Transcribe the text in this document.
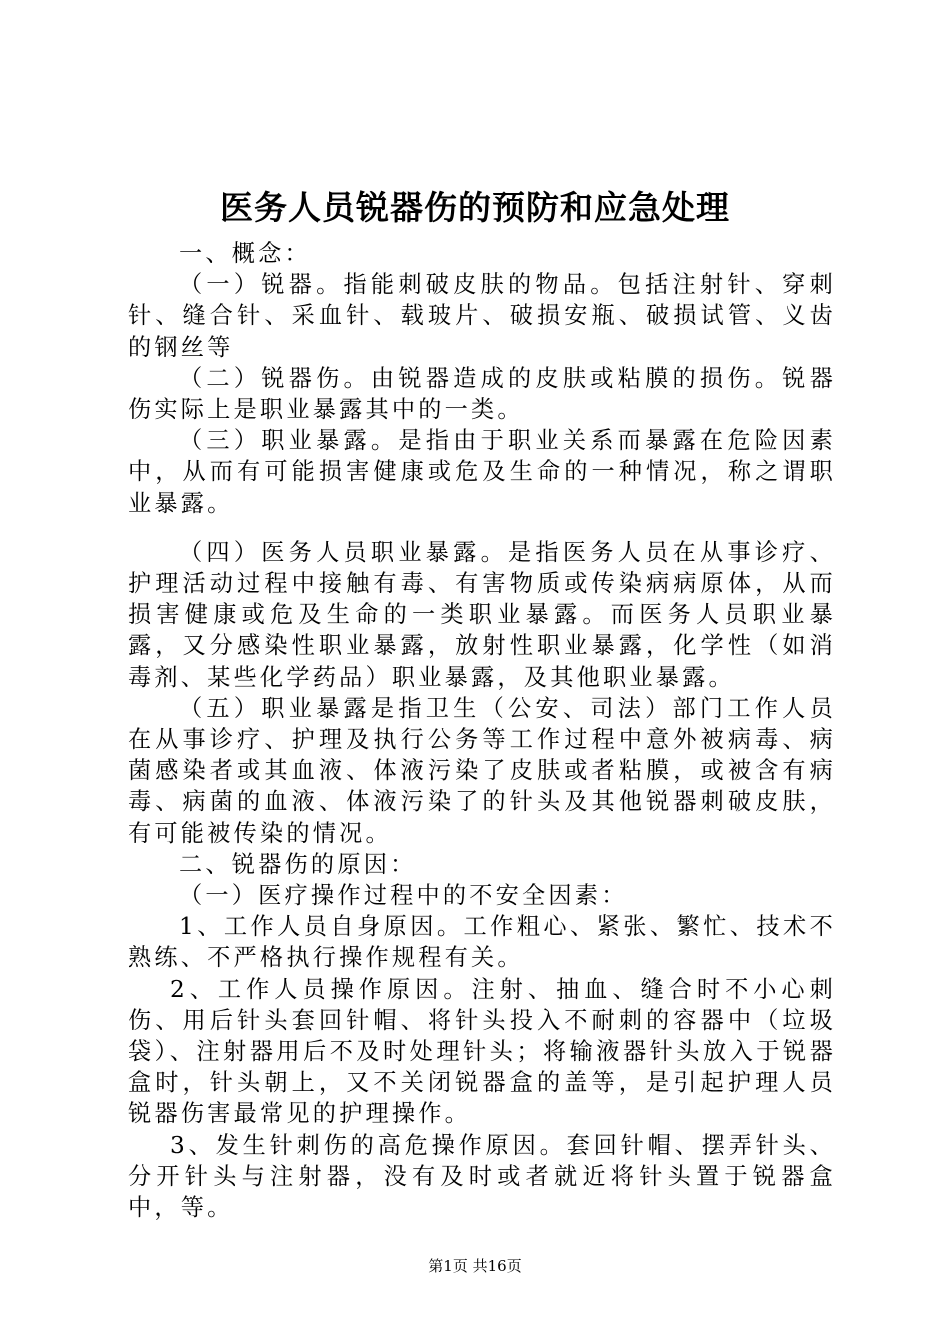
医务人员锐器伤的预防和应急处理

一、概念：

（一）锐器。指能刺破皮肤的物品。包括注射针、穿刺针、缝合针、采血针、载玻片、破损安瓶、破损试管、义齿的钢丝等

（二）锐器伤。由锐器造成的皮肤或粘膜的损伤。锐器伤实际上是职业暴露其中的一类。

（三）职业暴露。是指由于职业关系而暴露在危险因素中，从而有可能损害健康或危及生命的一种情况，称之谓职业暴露。

（四）医务人员职业暴露。是指医务人员在从事诊疗、护理活动过程中接触有毒、有害物质或传染病病原体，从而损害健康或危及生命的一类职业暴露。而医务人员职业暴露，又分感染性职业暴露，放射性职业暴露，化学性（如消毒剂、某些化学药品）职业暴露，及其他职业暴露。

（五）职业暴露是指卫生（公安、司法）部门工作人员在从事诊疗、护理及执行公务等工作过程中意外被病毒、病菌感染者或其血液、体液污染了皮肤或者粘膜，或被含有病毒、病菌的血液、体液污染了的针头及其他锐器刺破皮肤，有可能被传染的情况。

二、锐器伤的原因：

（一）医疗操作过程中的不安全因素：

1、工作人员自身原因。工作粗心、紧张、繁忙、技术不熟练、不严格执行操作规程有关。

2、工作人员操作原因。注射、抽血、缝合时不小心刺伤、用后针头套回针帽、将针头投入不耐刺的容器中（垃圾袋）、注射器用后不及时处理针头；将输液器针头放入于锐器盒时，针头朝上，又不关闭锐器盒的盖等，是引起护理人员锐器伤害最常见的护理操作。

3、发生针刺伤的高危操作原因。套回针帽、摆弄针头、分开针头与注射器，没有及时或者就近将针头置于锐器盒中，等。

第1页 共16页
